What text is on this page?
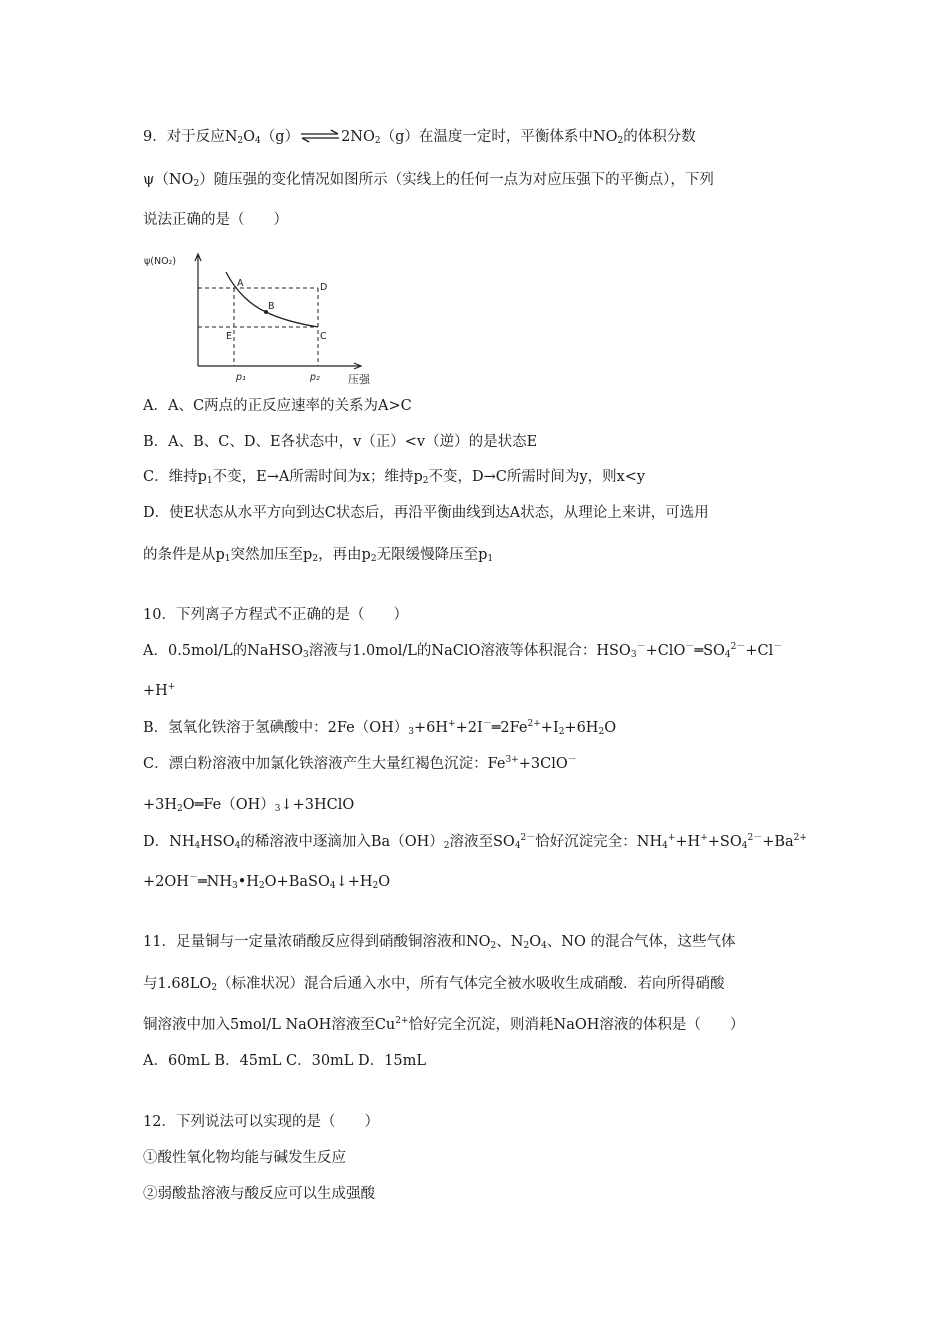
9．对于反应$N_2O_4(g)\rightleftharpoons 2NO_2(g)$在温度一定时，平衡体系中$NO_2$的体积分数
$\psi(NO_2)$随压强的变化情况如图所示（实线上的任何一点为对应压强下的平衡点），下列
说法正确的是（　　）
ψ(NO₂)
A
B
C
D
E
p₁	p₂	压强
A．A、C两点的正反应速率的关系为A>C
B．A、B、C、D、E各状态中，v（正）<v（逆）的是状态E
C．维持$p_1$不变，E→A所需时间为x；维持$p_2$不变，D→C所需时间为y，则x<y
D．使E状态从水平方向到达C状态后，再沿平衡曲线到达A状态，从理论上来讲，可选用
的条件是从$p_1$突然加压至$p_2$，再由$p_2$无限缓慢降压至$p_1$
10．下列离子方程式不正确的是（　　）
A．0.5mol/L的NaHSO$_3$溶液与1.0mol/L的NaClO溶液等体积混合：$HSO_3^-+ClO^-═SO_4^{2-}+Cl^-$
+H+
B．氢氧化铁溶于氢碘酸中：$2Fe(OH)_3+6H^++2I^-═2Fe^{2+}+I_2+6H_2O$
C．漂白粉溶液中加氯化铁溶液产生大量红褐色沉淀：$Fe^{3+}+3ClO^-$
$+3H_2O═Fe(OH)_3↓+3HClO$
D．$NH_4HSO_4$的稀溶液中逐滴加入$Ba(OH)_2$溶液至$SO_4^{2-}$恰好沉淀完全：$NH_4^++H^++SO_4^{2-}+Ba^{2+}$
$+2OH^-═NH_3•H_2O+BaSO_4↓+H_2O$
11．足量铜与一定量浓硝酸反应得到硝酸铜溶液和$NO_2$、$N_2O_4$、NO 的混合气体，这些气体
与$1.68LO_2$（标准状况）混合后通入水中，所有气体完全被水吸收生成硝酸．若向所得硝酸
铜溶液中加入5mol/L NaOH溶液至$Cu^{2+}$恰好完全沉淀，则消耗NaOH溶液的体积是（　　）
A．60mL B．45mL C．30mL D．15mL
12．下列说法可以实现的是（　　）
①酸性氧化物均能与碱发生反应
②弱酸盐溶液与酸反应可以生成强酸
